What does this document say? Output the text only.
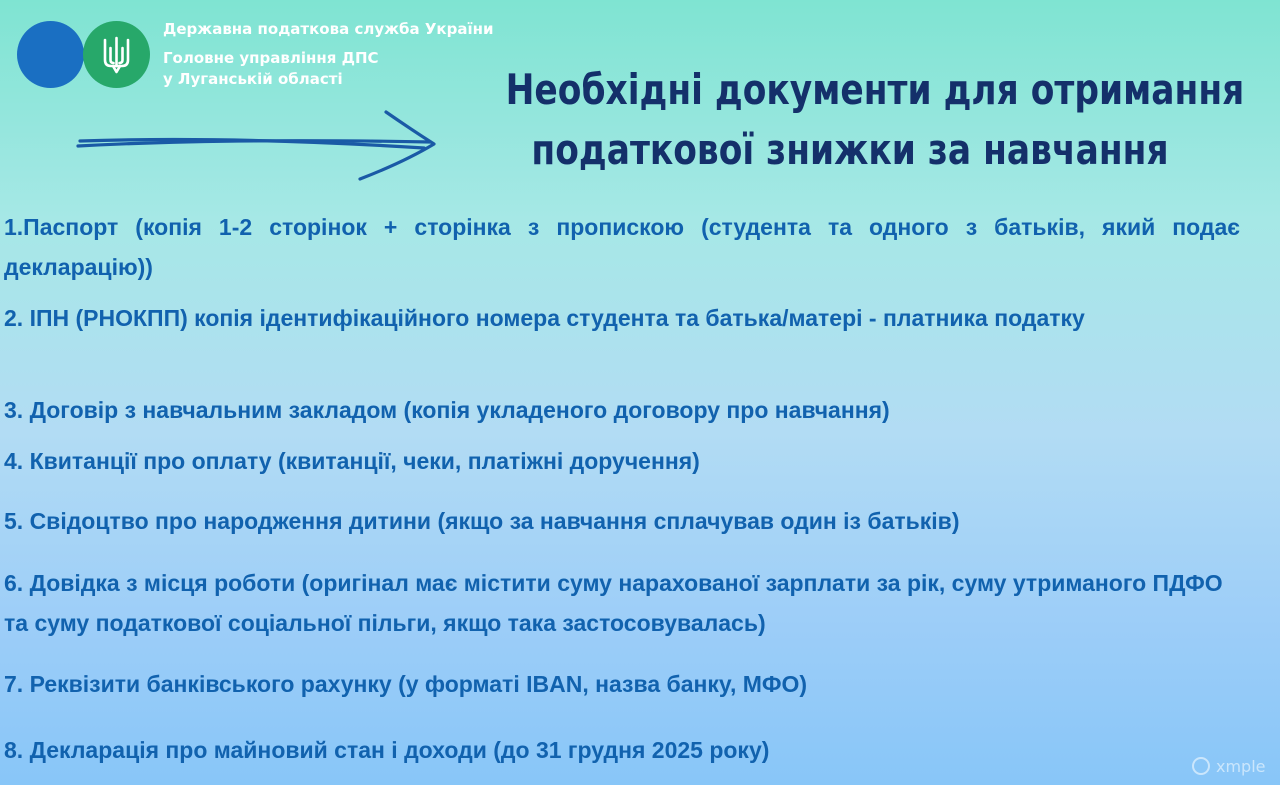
Державна податкова служба України
Головне управління ДПС
у Луганській області	Необхідні документи для отримання
податкової знижки за навчання
1.Паспорт (копія 1-2 сторінок + сторінка з пропискою (студента та одного з батьків, який подає декларацію))
2. ІПН (РНОКПП) копія ідентифікаційного номера студента та батька/матері - платника податку
3. Договір з навчальним закладом (копія укладеного договору про навчання)
4. Квитанції про оплату (квитанції, чеки, платіжні доручення)
5. Свідоцтво про народження дитини (якщо за навчання сплачував один із батьків)
6. Довідка з місця роботи (оригінал має містити суму нарахованої зарплати за рік, суму утриманого ПДФО та суму податкової соціальної пільги, якщо така застосовувалась)
7. Реквізити банківського рахунку (у форматі IBAN, назва банку, МФО)
8. Декларація про майновий стан і доходи (до 31 грудня 2025 року)
xmple
